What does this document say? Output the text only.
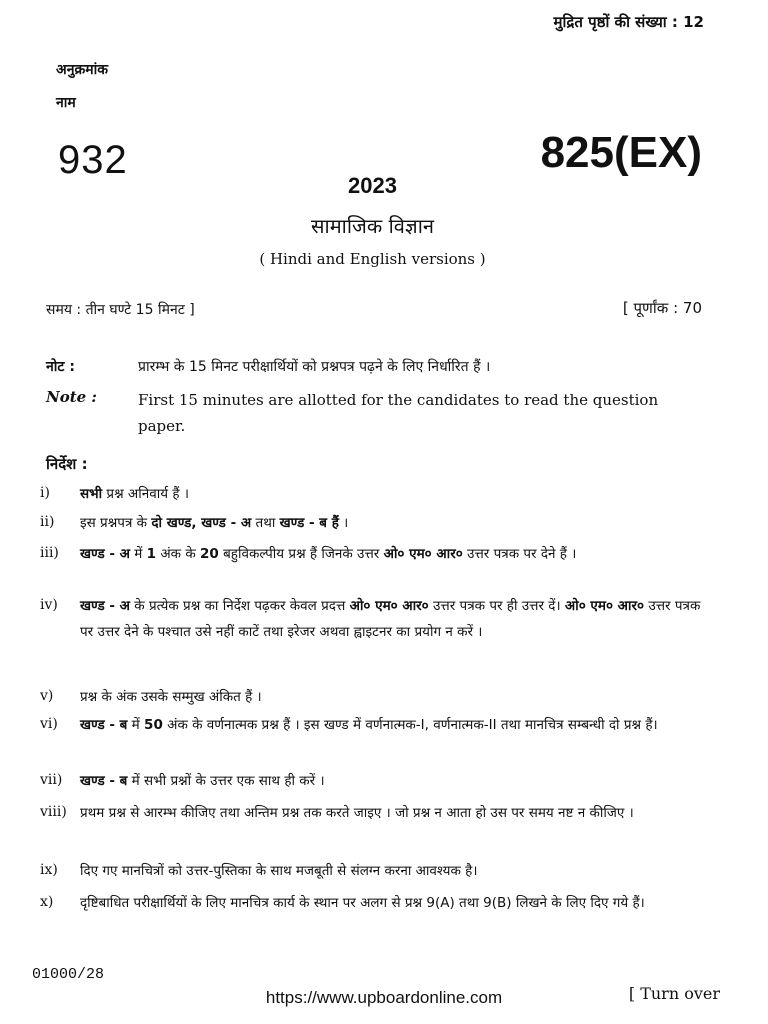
मुद्रित पृष्ठों की संख्या : 12
अनुक्रमांक
नाम
932	825(EX)
2023
सामाजिक विज्ञान
( Hindi and English versions )
समय : तीन घण्टे 15 मिनट ]	[ पूर्णांक : 70
नोट :	प्रारम्भ के 15 मिनट परीक्षार्थियों को प्रश्नपत्र पढ़ने के लिए निर्धारित हैं ।
Note :	First 15 minutes are allotted for the candidates to read the question paper.
निर्देश :
i) सभी प्रश्न अनिवार्य हैं ।
ii) इस प्रश्नपत्र के दो खण्ड, खण्ड - अ तथा खण्ड - ब हैं ।
iii) खण्ड - अ में 1 अंक के 20 बहुविकल्पीय प्रश्न हैं जिनके उत्तर ओ० एम० आर० उत्तर पत्रक पर देने हैं ।
iv) खण्ड - अ के प्रत्येक प्रश्न का निर्देश पढ़कर केवल प्रदत्त ओ० एम० आर० उत्तर पत्रक पर ही उत्तर दें। ओ० एम० आर० उत्तर पत्रक पर उत्तर देने के पश्चात उसे नहीं काटें तथा इरेजर अथवा ह्वाइटनर का प्रयोग न करें ।
v) प्रश्न के अंक उसके सम्मुख अंकित हैं ।
vi) खण्ड - ब में 50 अंक के वर्णनात्मक प्रश्न हैं । इस खण्ड में वर्णनात्मक-I, वर्णनात्मक-II तथा मानचित्र सम्बन्धी दो प्रश्न हैं।
vii) खण्ड - ब में सभी प्रश्नों के उत्तर एक साथ ही करें ।
viii) प्रथम प्रश्न से आरम्भ कीजिए तथा अन्तिम प्रश्न तक करते जाइए । जो प्रश्न न आता हो उस पर समय नष्ट न कीजिए ।
ix) दिए गए मानचित्रों को उत्तर-पुस्तिका के साथ मजबूती से संलग्न करना आवश्यक है।
x) दृष्टिबाधित परीक्षार्थियों के लिए मानचित्र कार्य के स्थान पर अलग से प्रश्न 9(A) तथा 9(B) लिखने के लिए दिए गये हैं।
01000/28
https://www.upboardonline.com	[ Turn over
